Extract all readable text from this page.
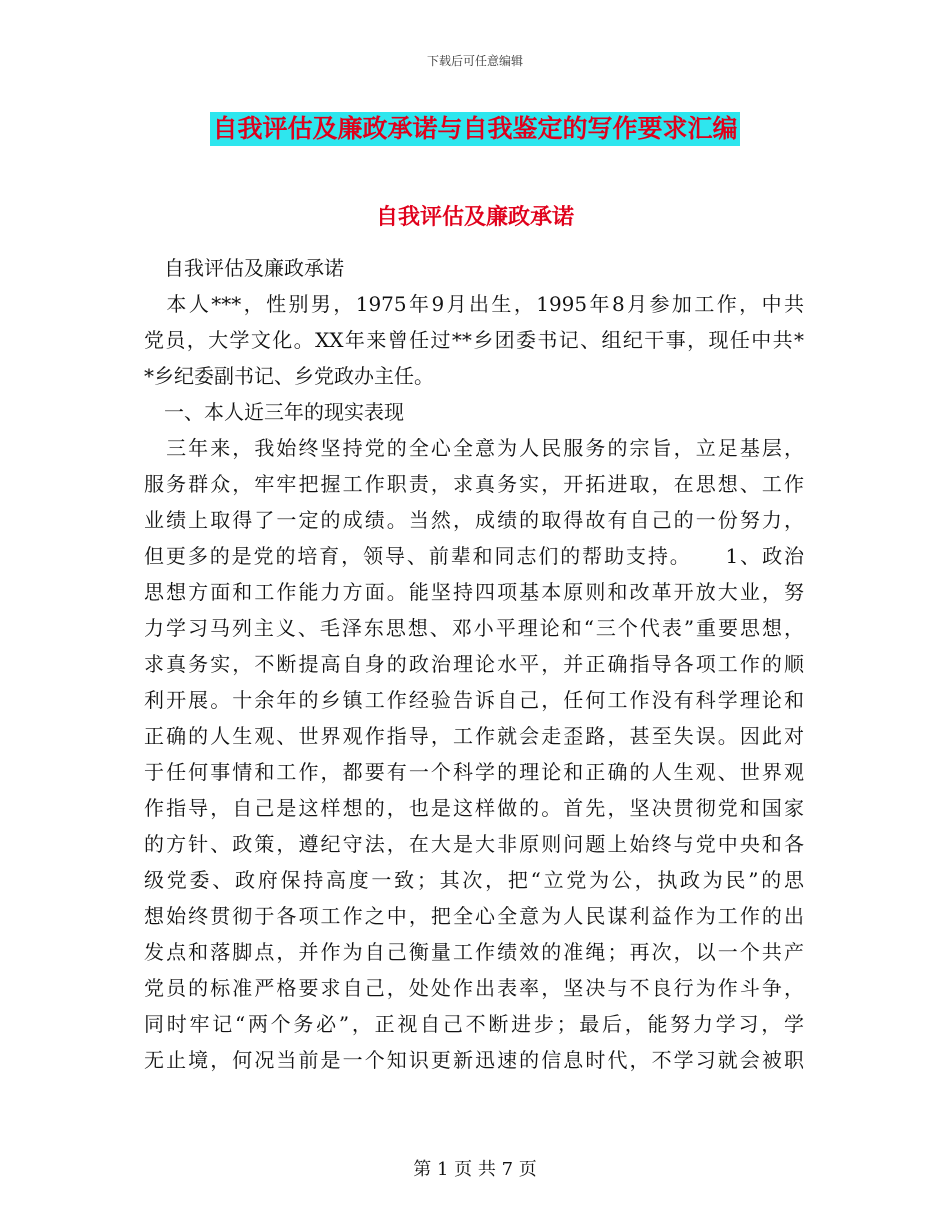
下载后可任意编辑
自我评估及廉政承诺与自我鉴定的写作要求汇编
自我评估及廉政承诺
　自我评估及廉政承诺
　本人***，性别男，1975年9月出生，1995年8月参加工作，中共
党员，大学文化。XX年来曾任过**乡团委书记、组纪干事，现任中共*
*乡纪委副书记、乡党政办主任。
　一、本人近三年的现实表现
　三年来，我始终坚持党的全心全意为人民服务的宗旨，立足基层，
服务群众，牢牢把握工作职责，求真务实，开拓进取，在思想、工作
业绩上取得了一定的成绩。当然，成绩的取得故有自己的一份努力，
但更多的是党的培育，领导、前辈和同志们的帮助支持。　　1、政治
思想方面和工作能力方面。能坚持四项基本原则和改革开放大业，努
力学习马列主义、毛泽东思想、邓小平理论和“三个代表”重要思想，
求真务实，不断提高自身的政治理论水平，并正确指导各项工作的顺
利开展。十余年的乡镇工作经验告诉自己，任何工作没有科学理论和
正确的人生观、世界观作指导，工作就会走歪路，甚至失误。因此对
于任何事情和工作，都要有一个科学的理论和正确的人生观、世界观
作指导，自己是这样想的，也是这样做的。首先，坚决贯彻党和国家
的方针、政策，遵纪守法，在大是大非原则问题上始终与党中央和各
级党委、政府保持高度一致；其次，把“立党为公，执政为民”的思
想始终贯彻于各项工作之中，把全心全意为人民谋利益作为工作的出
发点和落脚点，并作为自己衡量工作绩效的准绳；再次，以一个共产
党员的标准严格要求自己，处处作出表率，坚决与不良行为作斗争，
同时牢记“两个务必”，正视自己不断进步；最后，能努力学习，学
无止境，何况当前是一个知识更新迅速的信息时代，不学习就会被职
第 1 页 共 7 页
